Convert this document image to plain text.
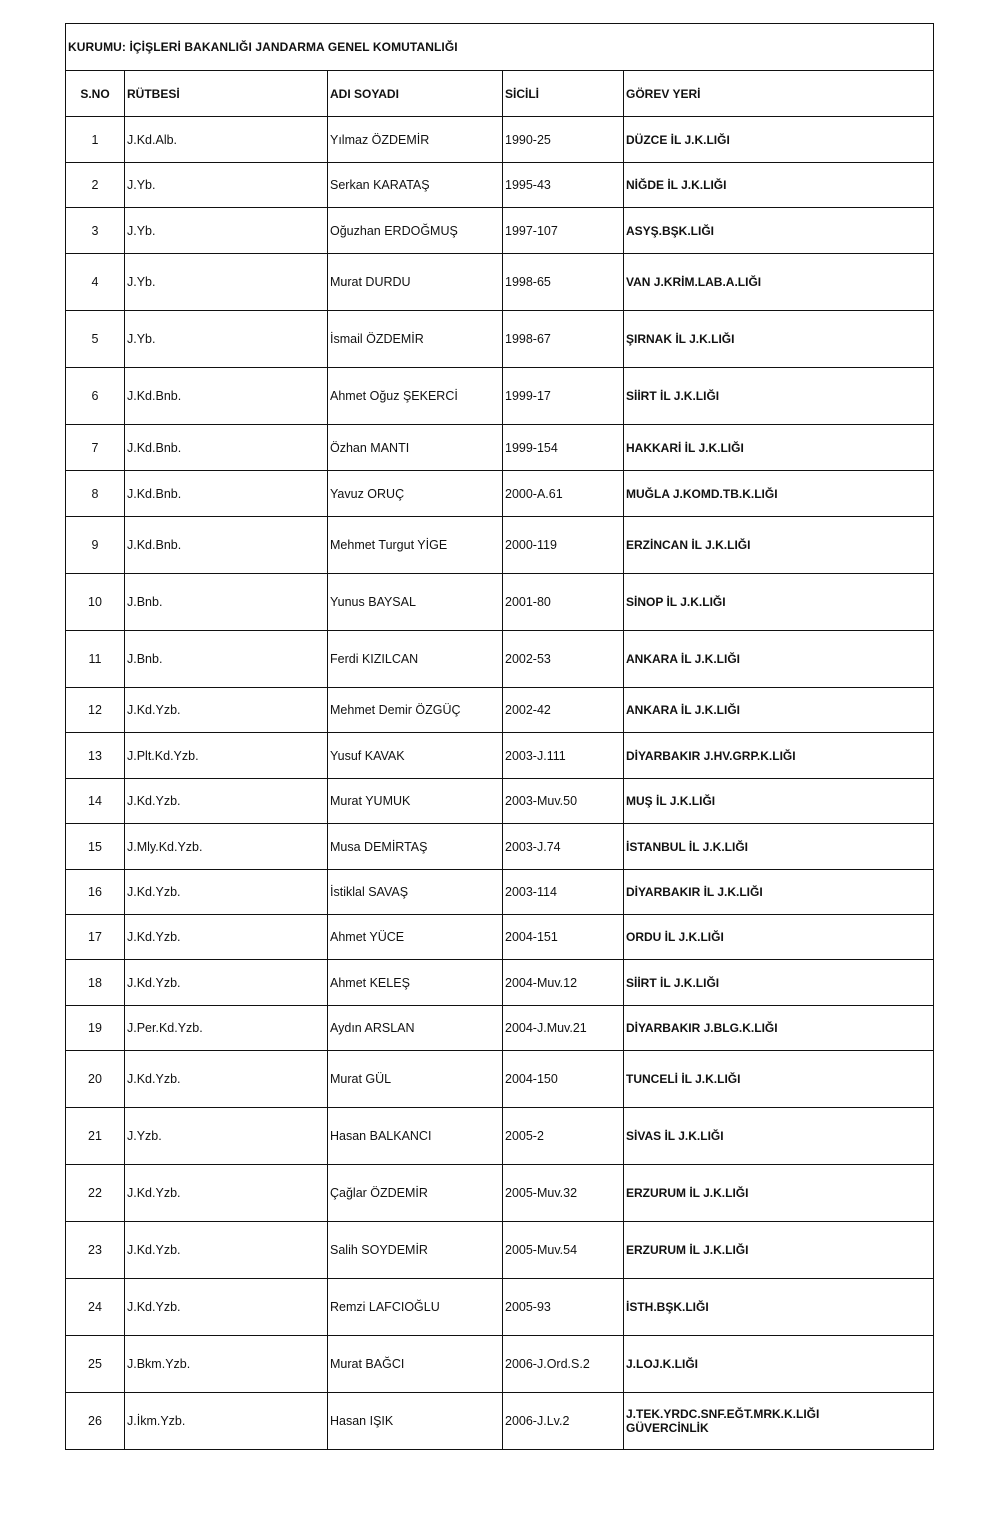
KURUMU: İÇİŞLERİ BAKANLIĞI JANDARMA GENEL KOMUTANLIĞI				
S.NO	RÜTBESİ	ADI SOYADI	SİCİLİ	GÖREV YERİ
1	J.Kd.Alb.	Yılmaz ÖZDEMİR	1990-25	DÜZCE İL J.K.LIĞI
2	J.Yb.	Serkan KARATAŞ	1995-43	NİĞDE İL J.K.LIĞI
3	J.Yb.	Oğuzhan ERDOĞMUŞ	1997-107	ASYŞ.BŞK.LIĞI
4	J.Yb.	Murat DURDU	1998-65	VAN J.KRİM.LAB.A.LIĞI
5	J.Yb.	İsmail ÖZDEMİR	1998-67	ŞIRNAK İL J.K.LIĞI
6	J.Kd.Bnb.	Ahmet Oğuz ŞEKERCİ	1999-17	SİİRT İL J.K.LIĞI
7	J.Kd.Bnb.	Özhan MANTI	1999-154	HAKKARİ İL J.K.LIĞI
8	J.Kd.Bnb.	Yavuz ORUÇ	2000-A.61	MUĞLA J.KOMD.TB.K.LIĞI
9	J.Kd.Bnb.	Mehmet Turgut YİGE	2000-119	ERZİNCAN İL J.K.LIĞI
10	J.Bnb.	Yunus BAYSAL	2001-80	SİNOP İL J.K.LIĞI
11	J.Bnb.	Ferdi KIZILCAN	2002-53	ANKARA İL J.K.LIĞI
12	J.Kd.Yzb.	Mehmet Demir ÖZGÜÇ	2002-42	ANKARA İL J.K.LIĞI
13	J.Plt.Kd.Yzb.	Yusuf KAVAK	2003-J.111	DİYARBAKIR J.HV.GRP.K.LIĞI
14	J.Kd.Yzb.	Murat YUMUK	2003-Muv.50	MUŞ İL J.K.LIĞI
15	J.Mly.Kd.Yzb.	Musa DEMİRTAŞ	2003-J.74	İSTANBUL İL J.K.LIĞI
16	J.Kd.Yzb.	İstiklal SAVAŞ	2003-114	DİYARBAKIR İL J.K.LIĞI
17	J.Kd.Yzb.	Ahmet YÜCE	2004-151	ORDU İL J.K.LIĞI
18	J.Kd.Yzb.	Ahmet KELEŞ	2004-Muv.12	SİİRT İL J.K.LIĞI
19	J.Per.Kd.Yzb.	Aydın ARSLAN	2004-J.Muv.21	DİYARBAKIR J.BLG.K.LIĞI
20	J.Kd.Yzb.	Murat GÜL	2004-150	TUNCELİ İL J.K.LIĞI
21	J.Yzb.	Hasan BALKANCI	2005-2	SİVAS İL J.K.LIĞI
22	J.Kd.Yzb.	Çağlar ÖZDEMİR	2005-Muv.32	ERZURUM İL J.K.LIĞI
23	J.Kd.Yzb.	Salih SOYDEMİR	2005-Muv.54	ERZURUM İL J.K.LIĞI
24	J.Kd.Yzb.	Remzi LAFCIOĞLU	2005-93	İSTH.BŞK.LIĞI
25	J.Bkm.Yzb.	Murat BAĞCI	2006-J.Ord.S.2	J.LOJ.K.LIĞI
26	J.İkm.Yzb.	Hasan IŞIK	2006-J.Lv.2	J.TEK.YRDC.SNF.EĞT.MRK.K.LIĞI
GÜVERCİNLİK
